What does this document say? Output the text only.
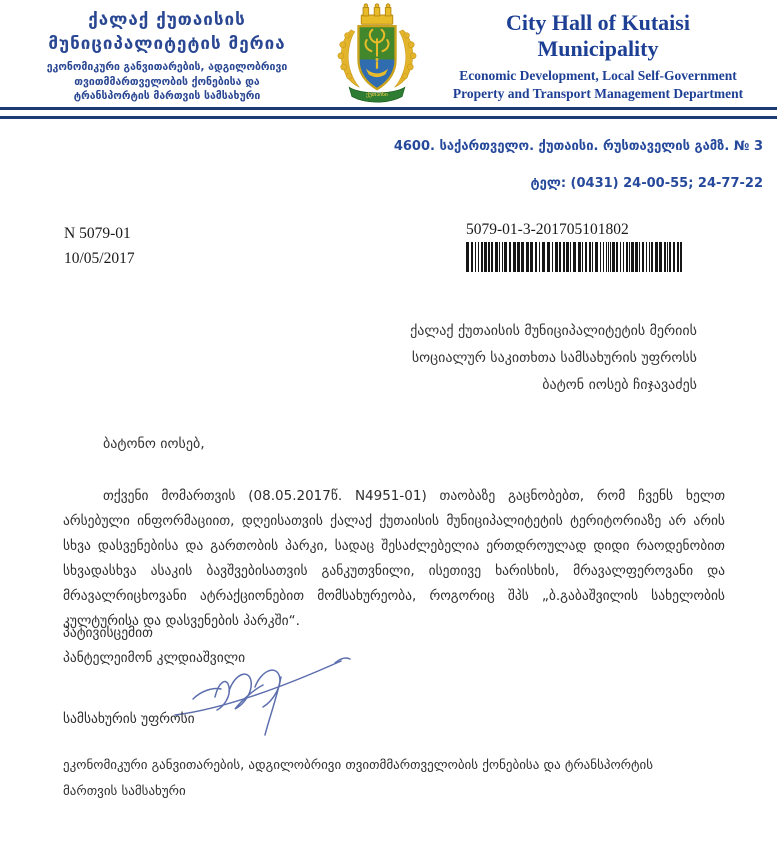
ქალაქ ქუთაისის
მუნიციპალიტეტის მერია
ეკონომიკური განვითარების, ადგილობრივი
თვითმმართველობის ქონებისა და
ტრანსპორტის მართვის სამსახური	ქუთაისი
City Hall of Kutaisi
Municipality
Economic Development, Local Self-Government
Property and Transport Management Department
4600. საქართველო. ქუთაისი. რუსთაველის გამზ. № 3
ტელ: (0431) 24-00-55; 24-77-22
N 5079-01
10/05/2017
5079-01-3-201705101802
ქალაქ ქუთაისის მუნიციპალიტეტის მერიის
სოციალურ საკითხთა სამსახურის უფროსს
ბატონ იოსებ ჩიჯავაძეს
ბატონო იოსებ,

თქვენი მომართვის (08.05.2017წ. N4951-01) თაობაზე გაცნობებთ, რომ ჩვენს ხელთ არსებული ინფორმაციით, დღეისათვის ქალაქ ქუთაისის მუნიციპალიტეტის ტერიტორიაზე არ არის სხვა დასვენებისა და გართობის პარკი, სადაც შესაძლებელია ერთდროულად დიდი რაოდენობით სხვადასხვა ასაკის ბავშვებისათვის განკუთვნილი, ისეთივე ხარისხის, მრავალფეროვანი და მრავალრიცხოვანი ატრაქციონებით მომსახურეობა, როგორიც შპს „ბ.გაბაშვილის სახელობის კულტურისა და დასვენების პარკში“.

პატივისცემით
პანტელეიმონ კლდიაშვილი
სამსახურის უფროსი
ეკონომიკური განვითარების, ადგილობრივი თვითმმართველობის ქონებისა და ტრანსპორტის
მართვის სამსახური
